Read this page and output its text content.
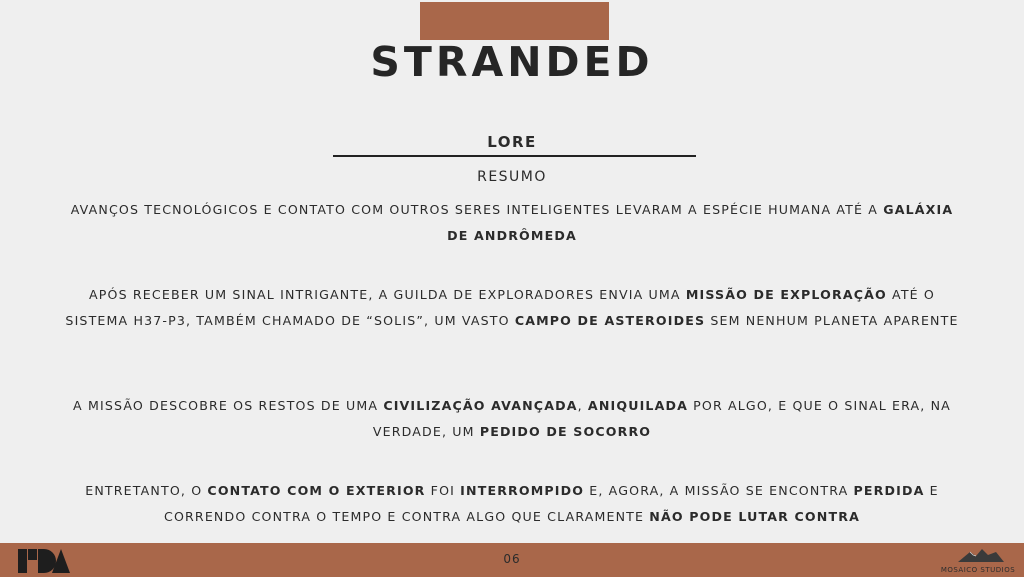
STRANDED
LORE
RESUMO
AVANÇOS TECNOLÓGICOS E CONTATO COM OUTROS SERES INTELIGENTES LEVARAM A ESPÉCIE HUMANA ATÉ A GALÁXIA DE ANDRÔMEDA
APÓS RECEBER UM SINAL INTRIGANTE, A GUILDA DE EXPLORADORES ENVIA UMA MISSÃO DE EXPLORAÇÃO ATÉ O SISTEMA H37-P3, TAMBÉM CHAMADO DE “SOLIS”, UM VASTO CAMPO DE ASTEROIDES SEM NENHUM PLANETA APARENTE
A MISSÃO DESCOBRE OS RESTOS DE UMA CIVILIZAÇÃO AVANÇADA, ANIQUILADA POR ALGO, E QUE O SINAL ERA, NA VERDADE, UM PEDIDO DE SOCORRO
ENTRETANTO, O CONTATO COM O EXTERIOR FOI INTERROMPIDO E, AGORA, A MISSÃO SE ENCONTRA PERDIDA E CORRENDO CONTRA O TEMPO E CONTRA ALGO QUE CLARAMENTE NÃO PODE LUTAR CONTRA
06
MOSAICO STUDIOS
